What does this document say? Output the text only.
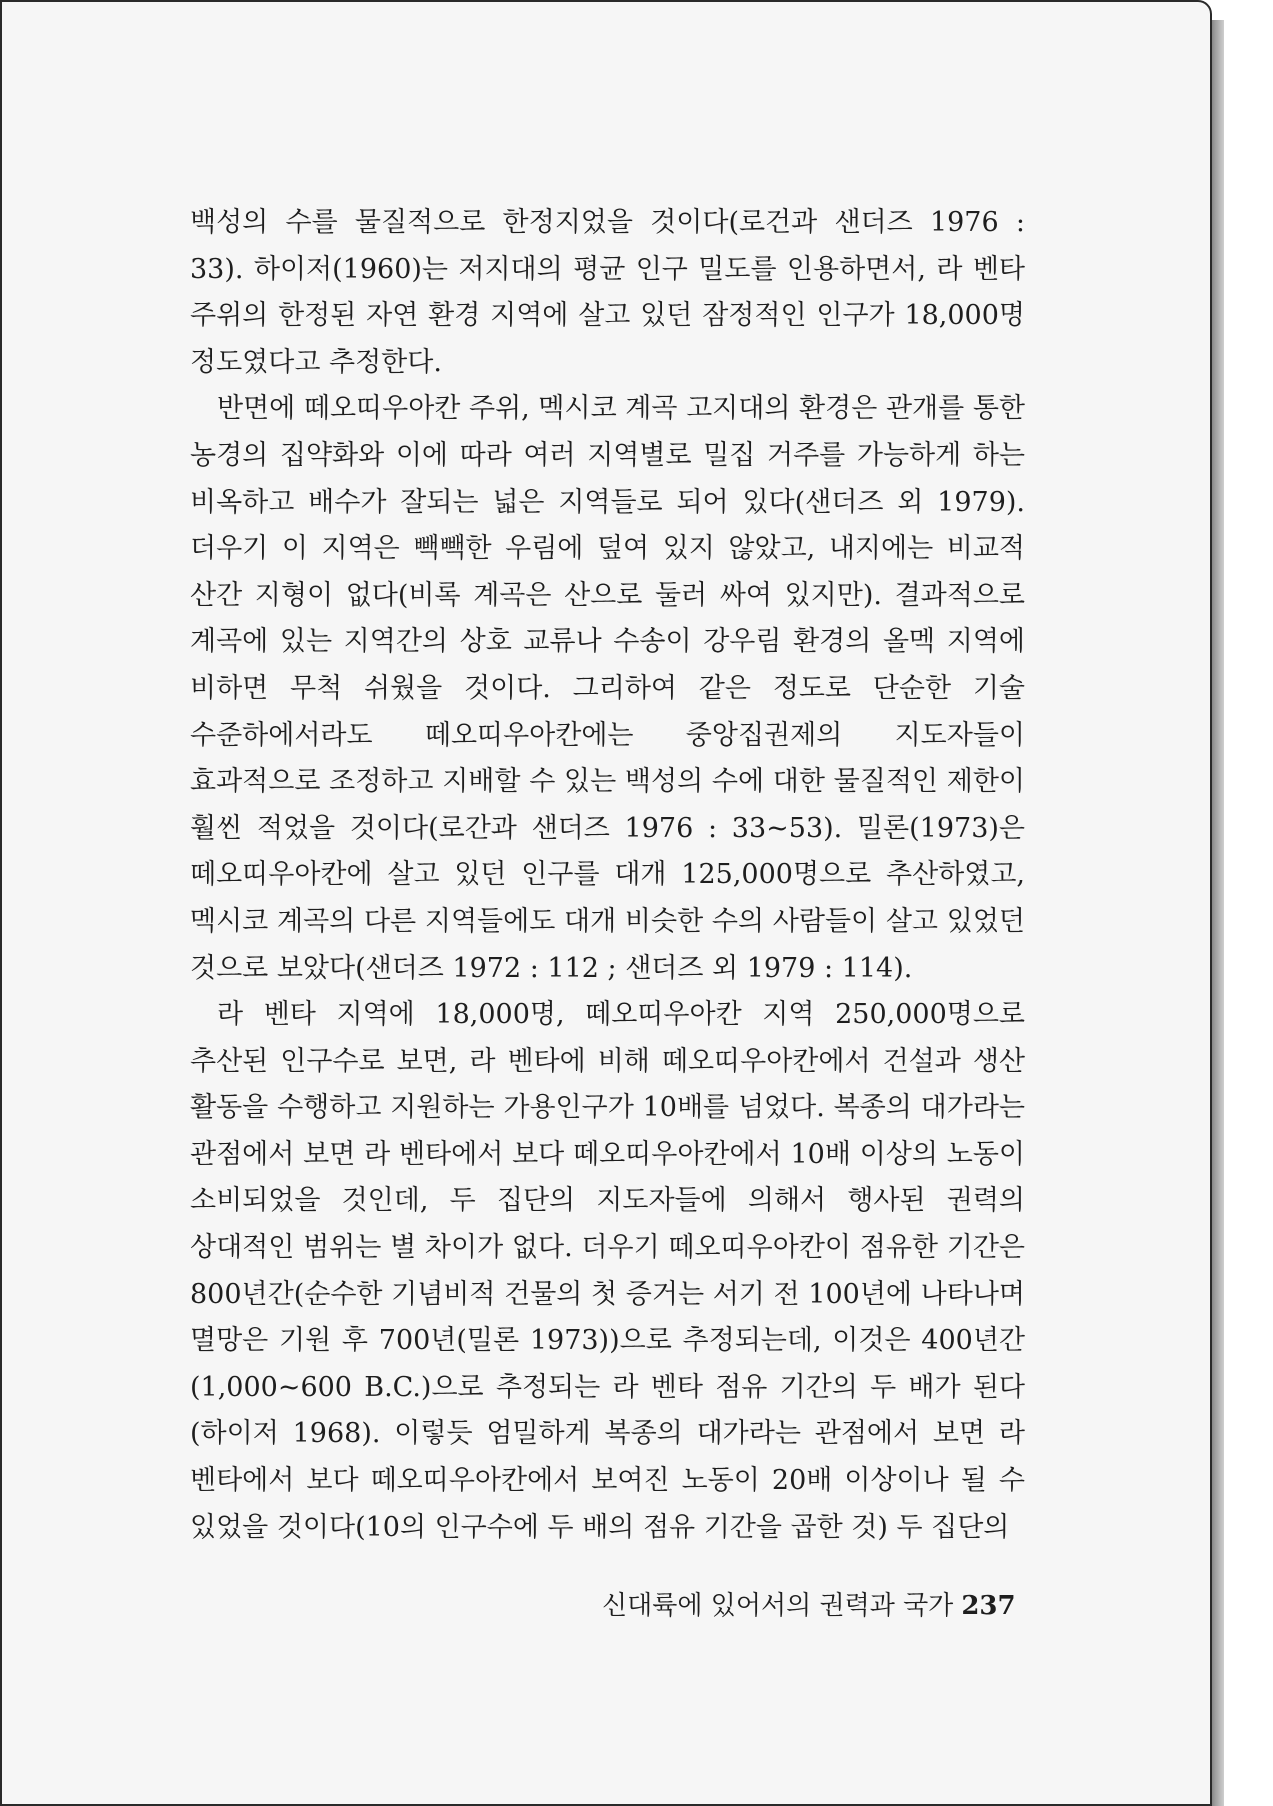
백성의 수를 물질적으로 한정지었을 것이다(로건과 샌더즈 1976 : 33). 하이저(1960)는 저지대의 평균 인구 밀도를 인용하면서, 라 벤타 주위의 한정된 자연 환경 지역에 살고 있던 잠정적인 인구가 18,000명 정도였다고 추정한다.

반면에 떼오띠우아칸 주위, 멕시코 계곡 고지대의 환경은 관개를 통한 농경의 집약화와 이에 따라 여러 지역별로 밀집 거주를 가능하게 하는 비옥하고 배수가 잘되는 넓은 지역들로 되어 있다(샌더즈 외 1979). 더우기 이 지역은 빽빽한 우림에 덮여 있지 않았고, 내지에는 비교적 산간 지형이 없다(비록 계곡은 산으로 둘러 싸여 있지만). 결과적으로 계곡에 있는 지역간의 상호 교류나 수송이 강우림 환경의 올멕 지역에 비하면 무척 쉬웠을 것이다. 그리하여 같은 정도로 단순한 기술 수준하에서라도 떼오띠우아칸에는 중앙집권제의 지도자들이 효과적으로 조정하고 지배할 수 있는 백성의 수에 대한 물질적인 제한이 훨씬 적었을 것이다(로간과 샌더즈 1976 : 33~53). 밀론(1973)은 떼오띠우아칸에 살고 있던 인구를 대개 125,000명으로 추산하였고, 멕시코 계곡의 다른 지역들에도 대개 비슷한 수의 사람들이 살고 있었던 것으로 보았다(샌더즈 1972 : 112 ; 샌더즈 외 1979 : 114).

라 벤타 지역에 18,000명, 떼오띠우아칸 지역 250,000명으로 추산된 인구수로 보면, 라 벤타에 비해 떼오띠우아칸에서 건설과 생산 활동을 수행하고 지원하는 가용인구가 10배를 넘었다. 복종의 대가라는 관점에서 보면 라 벤타에서 보다 떼오띠우아칸에서 10배 이상의 노동이 소비되었을 것인데, 두 집단의 지도자들에 의해서 행사된 권력의 상대적인 범위는 별 차이가 없다. 더우기 떼오띠우아칸이 점유한 기간은 800년간(순수한 기념비적 건물의 첫 증거는 서기 전 100년에 나타나며 멸망은 기원 후 700년(밀론 1973))으로 추정되는데, 이것은 400년간(1,000~600 B.C.)으로 추정되는 라 벤타 점유 기간의 두 배가 된다(하이저 1968). 이렇듯 엄밀하게 복종의 대가라는 관점에서 보면 라 벤타에서 보다 떼오띠우아칸에서 보여진 노동이 20배 이상이나 될 수 있었을 것이다(10의 인구수에 두 배의 점유 기간을 곱한 것) 두 집단의

신대륙에 있어서의 권력과 국가 237
